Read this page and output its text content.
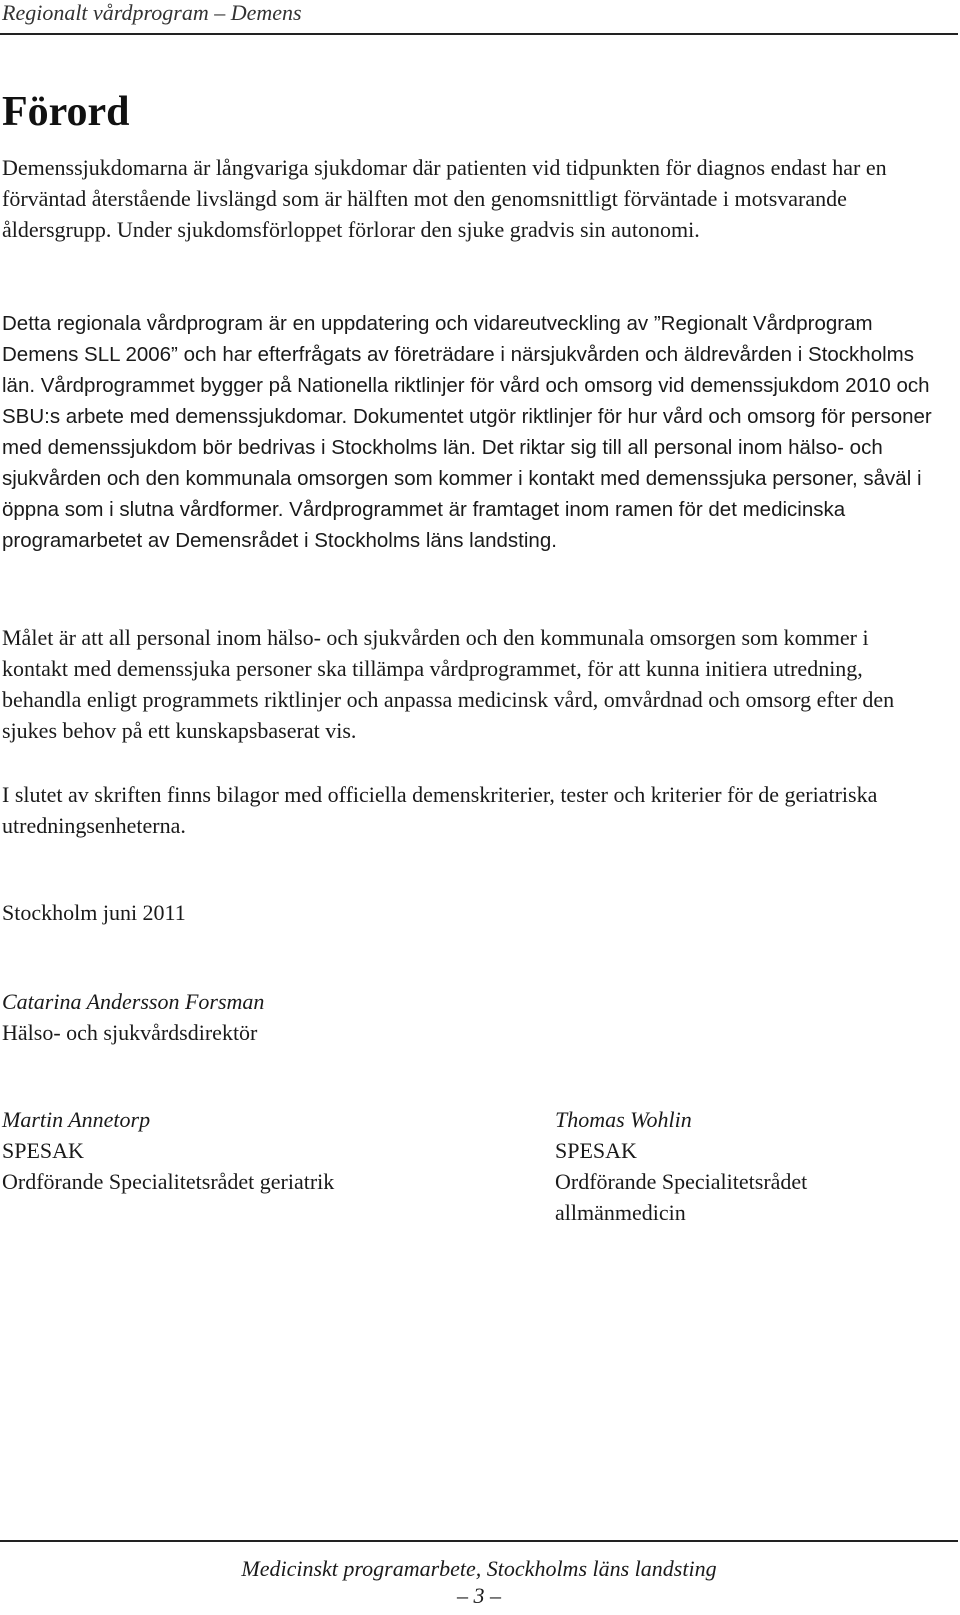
Regionalt vårdprogram – Demens
Förord

Demenssjukdomarna är långvariga sjukdomar där patienten vid tidpunkten för diagnos endast har en förväntad återstående livslängd som är hälften mot den genomsnittligt förväntade i motsvarande åldersgrupp. Under sjukdomsförloppet förlorar den sjuke gradvis sin autonomi.

Detta regionala vårdprogram är en uppdatering och vidareutveckling av ”Regionalt Vårdprogram Demens SLL 2006” och har efterfrågats av företrädare i närsjukvården och äldrevården i Stockholms län. Vårdprogrammet bygger på Nationella riktlinjer för vård och omsorg vid demenssjukdom 2010 och SBU:s arbete med demenssjukdomar. Dokumentet utgör riktlinjer för hur vård och omsorg för personer med demenssjukdom bör bedrivas i Stockholms län. Det riktar sig till all personal inom hälso- och sjukvården och den kommunala omsorgen som kommer i kontakt med demenssjuka personer, såväl i öppna som i slutna vårdformer. Vårdprogrammet är framtaget inom ramen för det medicinska programarbetet av Demensrådet i Stockholms läns landsting.

Målet är att all personal inom hälso- och sjukvården och den kommunala omsorgen som kommer i kontakt med demenssjuka personer ska tillämpa vårdprogrammet, för att kunna initiera utredning, behandla enligt programmets riktlinjer och anpassa medicinsk vård, omvårdnad och omsorg efter den sjukes behov på ett kunskapsbaserat vis.

I slutet av skriften finns bilagor med officiella demenskriterier, tester och kriterier för de geriatriska utredningsenheterna.

Stockholm juni 2011
Catarina Andersson Forsman
Hälso- och sjukvårdsdirektör
Martin Annetorp
SPESAK
Ordförande Specialitetsrådet geriatrik
Thomas Wohlin
SPESAK
Ordförande Specialitetsrådet
allmänmedicin
Medicinskt programarbete, Stockholms läns landsting
– 3 –
